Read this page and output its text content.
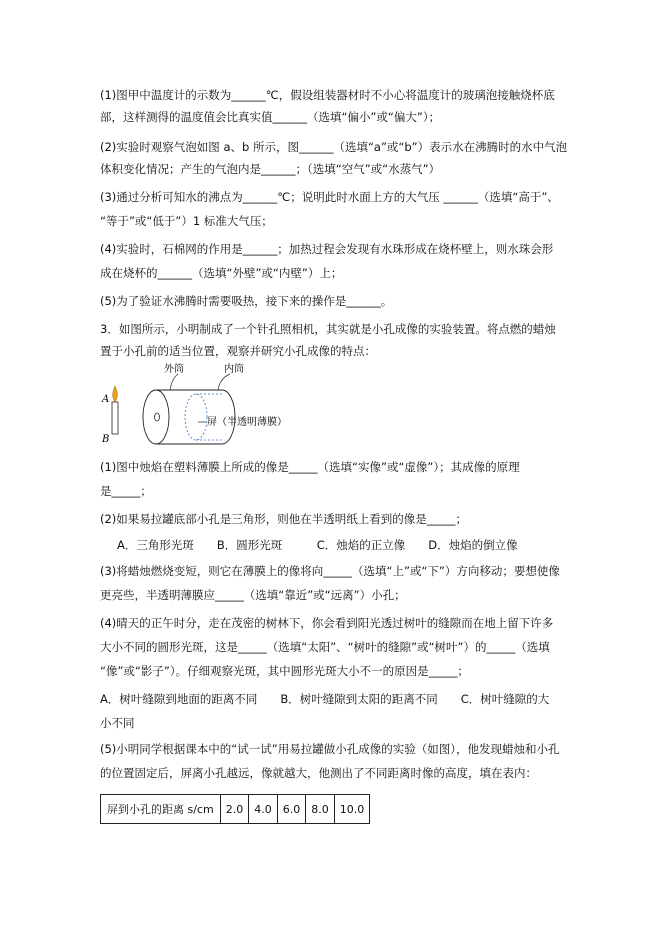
(1)图甲中温度计的示数为______℃，假设组装器材时不小心将温度计的玻璃泡接触烧杯底
部，这样测得的温度值会比真实值______（选填“偏小”或“偏大”）；
(2)实验时观察气泡如图 a、b 所示，图______（选填“a”或“b”）表示水在沸腾时的水中气泡
体积变化情况；产生的气泡内是______；（选填“空气”或“水蒸气”）
(3)通过分析可知水的沸点为______℃；说明此时水面上方的大气压 ______（选填“高于”、
“等于”或“低于”）1 标准大气压；
(4)实验时，石棉网的作用是______；加热过程会发现有水珠形成在烧杯壁上，则水珠会形
成在烧杯的______（选填“外壁”或“内壁”）上；
(5)为了验证水沸腾时需要吸热，接下来的操作是______。
3．如图所示，小明制成了一个针孔照相机，其实就是小孔成像的实验装置。将点燃的蜡烛
置于小孔前的适当位置，观察并研究小孔成像的特点：
A
B
外筒	内筒
屏（半透明薄膜）
(1)图中烛焰在塑料薄膜上所成的像是_____（选填“实像”或“虚像”）；其成像的原理
是_____；
(2)如果易拉罐底部小孔是三角形，则他在半透明纸上看到的像是_____；
A．三角形光斑　　B．圆形光斑　　　C．烛焰的正立像　　D．烛焰的倒立像
(3)将蜡烛燃烧变短，则它在薄膜上的像将向_____（选填“上”或“下”）方向移动；要想使像
更亮些，半透明薄膜应_____（选填“靠近”或“远离”）小孔；
(4)晴天的正午时分，走在茂密的树林下，你会看到阳光透过树叶的缝隙而在地上留下许多
大小不同的圆形光斑，这是_____（选填“太阳”、“树叶的缝隙”或“树叶”）的_____（选填
“像”或“影子”）。仔细观察光斑，其中圆形光斑大小不一的原因是_____；
A．树叶缝隙到地面的距离不同　　B．树叶缝隙到太阳的距离不同　　C．树叶缝隙的大
小不同
(5)小明同学根据课本中的“试一试”用易拉罐做小孔成像的实验（如图），他发现蜡烛和小孔
的位置固定后，屏离小孔越远，像就越大，他测出了不同距离时像的高度，填在表内：
屏到小孔的距离 s/cm	2.0	4.0	6.0	8.0	10.0
